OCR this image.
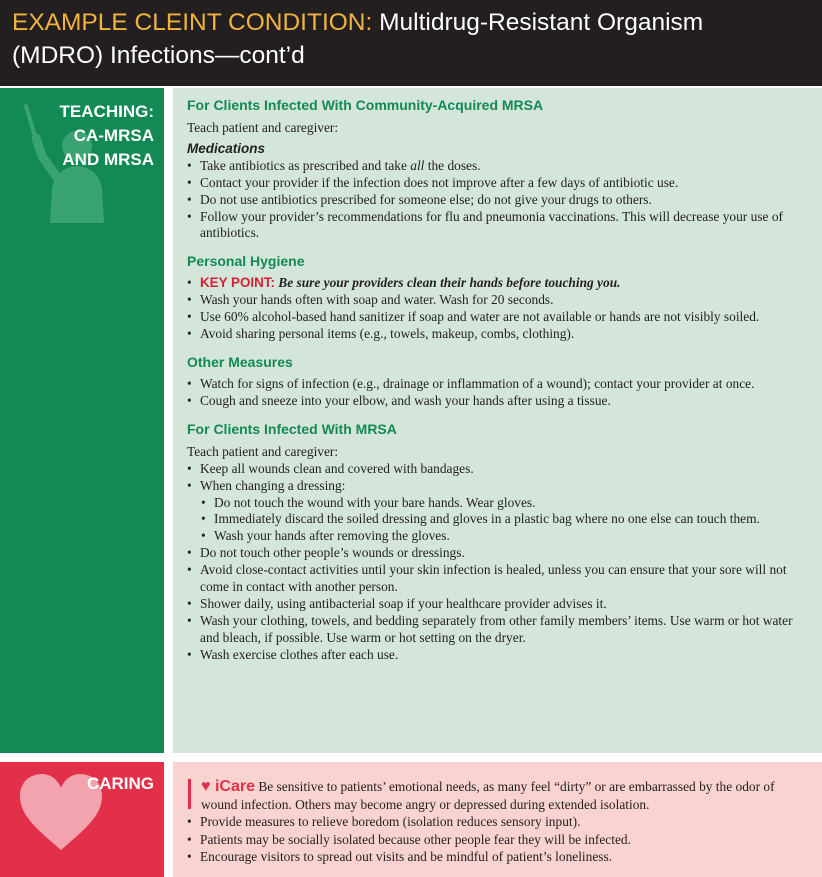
EXAMPLE CLEINT CONDITION: Multidrug-Resistant Organism
(MDRO) Infections—cont’d
TEACHING:
CA-MRSA
AND MRSA
For Clients Infected With Community-Acquired MRSA
Teach patient and caregiver:
Medications
• Take antibiotics as prescribed and take all the doses.
• Contact your provider if the infection does not improve after a few days of antibiotic use.
• Do not use antibiotics prescribed for someone else; do not give your drugs to others.
• Follow your provider’s recommendations for flu and pneumonia vaccinations. This will decrease your use of antibiotics.
Personal Hygiene
• KEY POINT: Be sure your providers clean their hands before touching you.
• Wash your hands often with soap and water. Wash for 20 seconds.
• Use 60% alcohol-based hand sanitizer if soap and water are not available or hands are not visibly soiled.
• Avoid sharing personal items (e.g., towels, makeup, combs, clothing).
Other Measures
• Watch for signs of infection (e.g., drainage or inflammation of a wound); contact your provider at once.
• Cough and sneeze into your elbow, and wash your hands after using a tissue.
For Clients Infected With MRSA
Teach patient and caregiver:
• Keep all wounds clean and covered with bandages.
• When changing a dressing:
• Do not touch the wound with your bare hands. Wear gloves.
• Immediately discard the soiled dressing and gloves in a plastic bag where no one else can touch them.
• Wash your hands after removing the gloves.
• Do not touch other people’s wounds or dressings.
• Avoid close-contact activities until your skin infection is healed, unless you can ensure that your sore will not come in contact with another person.
• Shower daily, using antibacterial soap if your healthcare provider advises it.
• Wash your clothing, towels, and bedding separately from other family members’ items. Use warm or hot water and bleach, if possible. Use warm or hot setting on the dryer.
• Wash exercise clothes after each use.
CARING	♥ iCare Be sensitive to patients’ emotional needs, as many feel “dirty” or are embarrassed by the odor of wound infection. Others may become angry or depressed during extended isolation.
• Provide measures to relieve boredom (isolation reduces sensory input).
• Patients may be socially isolated because other people fear they will be infected.
• Encourage visitors to spread out visits and be mindful of patient’s loneliness.
